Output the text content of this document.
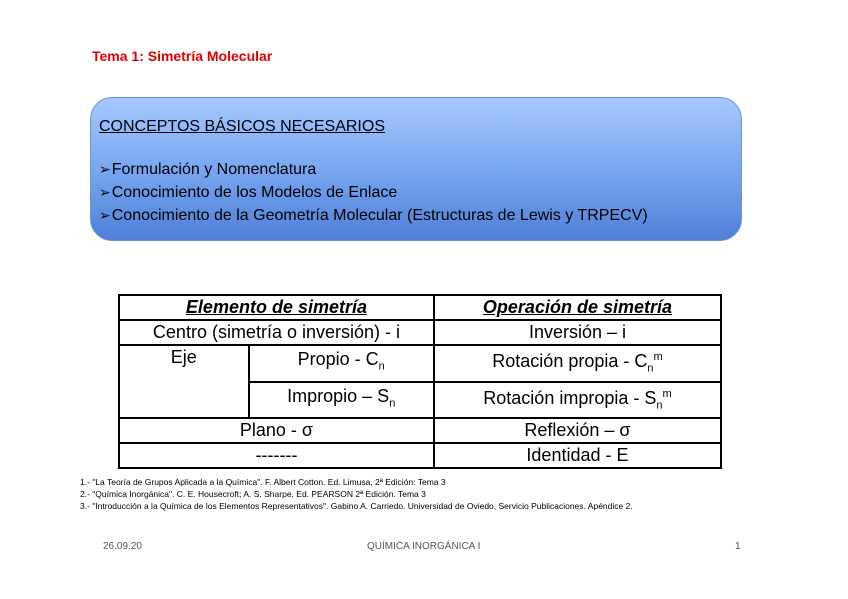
Tema 1: Simetría Molecular
CONCEPTOS BÁSICOS NECESARIOS
➢Formulación y Nomenclatura
➢Conocimiento de los Modelos de Enlace
➢Conocimiento de la Geometría Molecular (Estructuras de Lewis y TRPECV)
Elemento de simetría		Operación de simetría
Centro (simetría o inversión) - i		Inversión – i
Eje	Propio - $C_n$	Rotación propia - $C_n^m$
	Impropio – $S_n$	Rotación impropia - $S_n^m$
Plano - σ		Reflexión – σ
-------		Identidad - E
1.- "La Teoría de Grupos Aplicada a la Química". F. Albert Cotton. Ed. Limusa, 2ª Edición: Tema 3
2.- "Química Inorgánica". C. E. Housecroft; A. S. Sharpe. Ed. PEARSON 2ª Edición. Tema 3
3.- "Introducción a la Química de los Elementos Representativos". Gabino A. Carriedo. Universidad de Oviedo, Servicio Publicaciones. Apéndice 2.
26.09.20	QUÍMICA INORGÁNICA I	1
